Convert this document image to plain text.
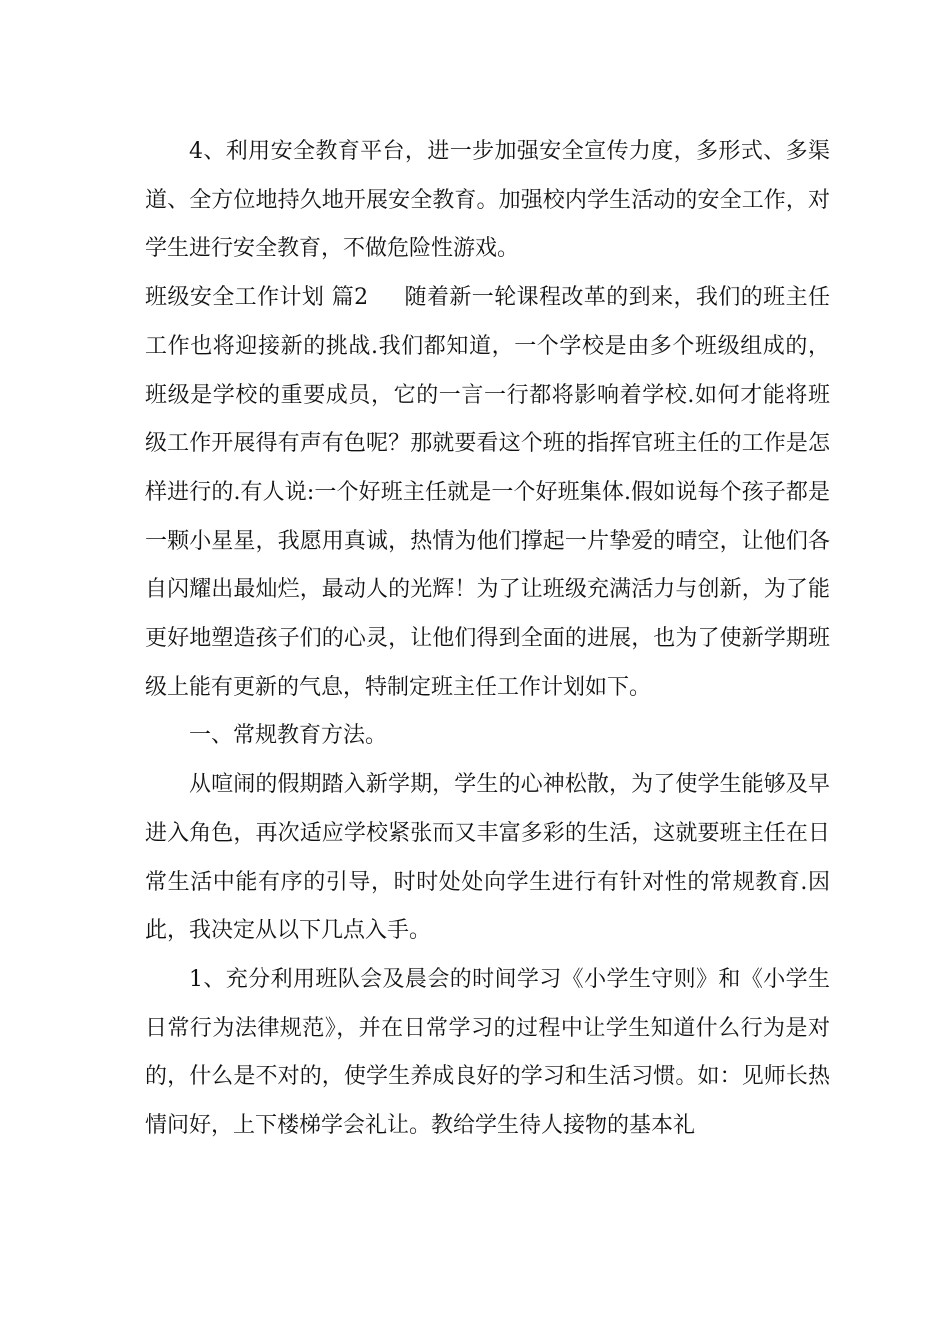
4、利用安全教育平台，进一步加强安全宣传力度，多形式、多渠道、全方位地持久地开展安全教育。加强校内学生活动的安全工作，对学生进行安全教育，不做危险性游戏。

班级安全工作计划 篇2 随着新一轮课程改革的到来，我们的班主任工作也将迎接新的挑战.我们都知道，一个学校是由多个班级组成的，班级是学校的重要成员，它的一言一行都将影响着学校.如何才能将班级工作开展得有声有色呢？那就要看这个班的指挥官班主任的工作是怎样进行的.有人说:一个好班主任就是一个好班集体.假如说每个孩子都是一颗小星星，我愿用真诚，热情为他们撑起一片挚爱的晴空，让他们各自闪耀出最灿烂，最动人的光辉！为了让班级充满活力与创新，为了能更好地塑造孩子们的心灵，让他们得到全面的进展，也为了使新学期班级上能有更新的气息，特制定班主任工作计划如下。

一、常规教育方法。

从喧闹的假期踏入新学期，学生的心神松散，为了使学生能够及早进入角色，再次适应学校紧张而又丰富多彩的生活，这就要班主任在日常生活中能有序的引导，时时处处向学生进行有针对性的常规教育.因此，我决定从以下几点入手。

1、充分利用班队会及晨会的时间学习《小学生守则》和《小学生日常行为法律规范》，并在日常学习的过程中让学生知道什么行为是对的，什么是不对的，使学生养成良好的学习和生活习惯。如：见师长热情问好，上下楼梯学会礼让。教给学生待人接物的基本礼
